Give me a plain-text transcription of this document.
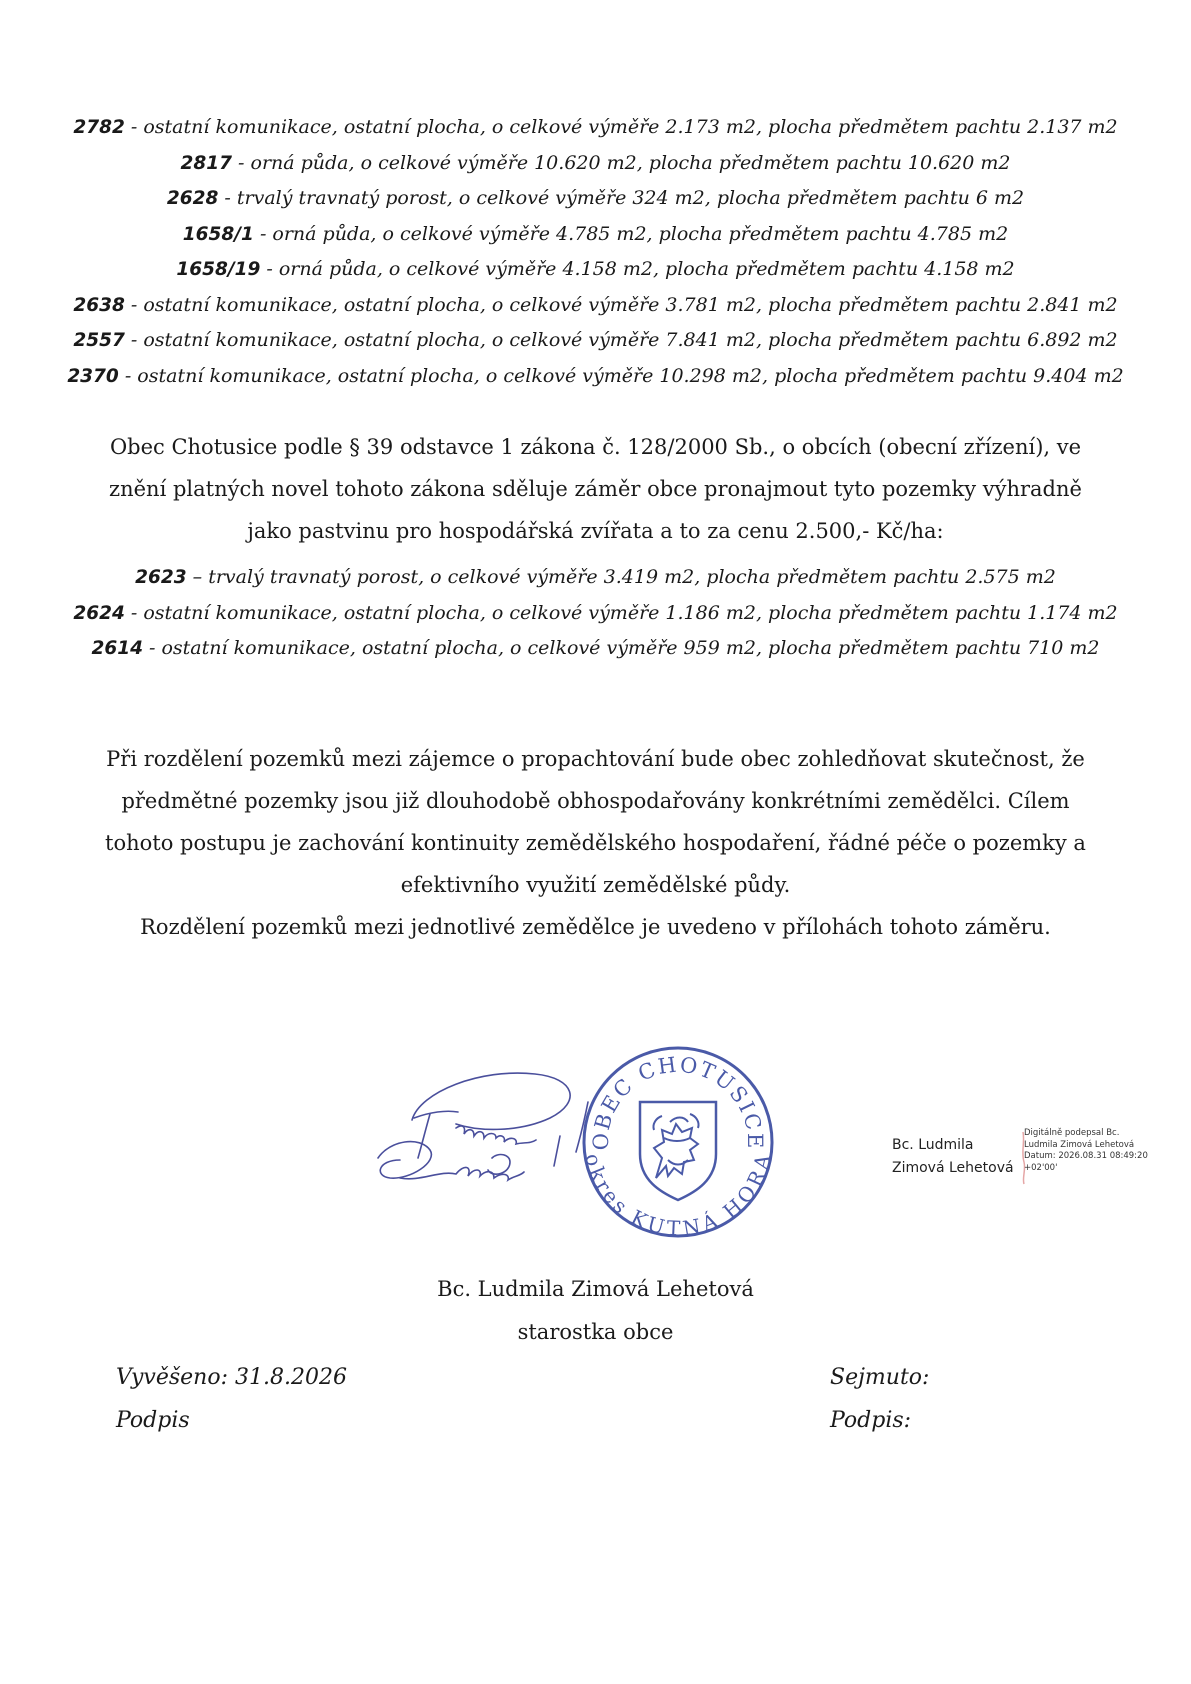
2782 - ostatní komunikace, ostatní plocha, o celkové výměře 2.173 m2, plocha předmětem pachtu 2.137 m2
2817 - orná půda, o celkové výměře 10.620 m2, plocha předmětem pachtu 10.620 m2
2628 - trvalý travnatý porost, o celkové výměře 324 m2, plocha předmětem pachtu 6 m2
1658/1 - orná půda, o celkové výměře 4.785 m2, plocha předmětem pachtu 4.785 m2
1658/19 - orná půda, o celkové výměře 4.158 m2, plocha předmětem pachtu 4.158 m2
2638 - ostatní komunikace, ostatní plocha, o celkové výměře 3.781 m2, plocha předmětem pachtu 2.841 m2
2557 - ostatní komunikace, ostatní plocha, o celkové výměře 7.841 m2, plocha předmětem pachtu 6.892 m2
2370 - ostatní komunikace, ostatní plocha, o celkové výměře 10.298 m2, plocha předmětem pachtu 9.404 m2
Obec Chotusice podle § 39 odstavce 1 zákona č. 128/2000 Sb., o obcích (obecní zřízení), ve
znění platných novel tohoto zákona sděluje záměr obce pronajmout tyto pozemky výhradně
jako pastvinu pro hospodářská zvířata a to za cenu 2.500,- Kč/ha:
2623 – trvalý travnatý porost, o celkové výměře 3.419 m2, plocha předmětem pachtu 2.575 m2
2624 - ostatní komunikace, ostatní plocha, o celkové výměře 1.186 m2, plocha předmětem pachtu 1.174 m2
2614 - ostatní komunikace, ostatní plocha, o celkové výměře 959 m2, plocha předmětem pachtu 710 m2
Při rozdělení pozemků mezi zájemce o propachtování bude obec zohledňovat skutečnost, že
předmětné pozemky jsou již dlouhodobě obhospodařovány konkrétními zemědělci. Cílem
tohoto postupu je zachování kontinuity zemědělského hospodaření, řádné péče o pozemky a
efektivního využití zemědělské půdy.
Rozdělení pozemků mezi jednotlivé zemědělce je uvedeno v přílohách tohoto záměru.
OBEC CHOTUSICE
okres KUTNÁ HORA
Bc. Ludmila
Zimová Lehetová
Digitálně podepsal Bc.
Ludmila Zimová Lehetová
Datum: 2026.08.31 08:49:20
+02'00'
Bc. Ludmila Zimová Lehetová
starostka obce
Vyvěšeno: 31.8.2026	Sejmuto:
Podpis	Podpis:
